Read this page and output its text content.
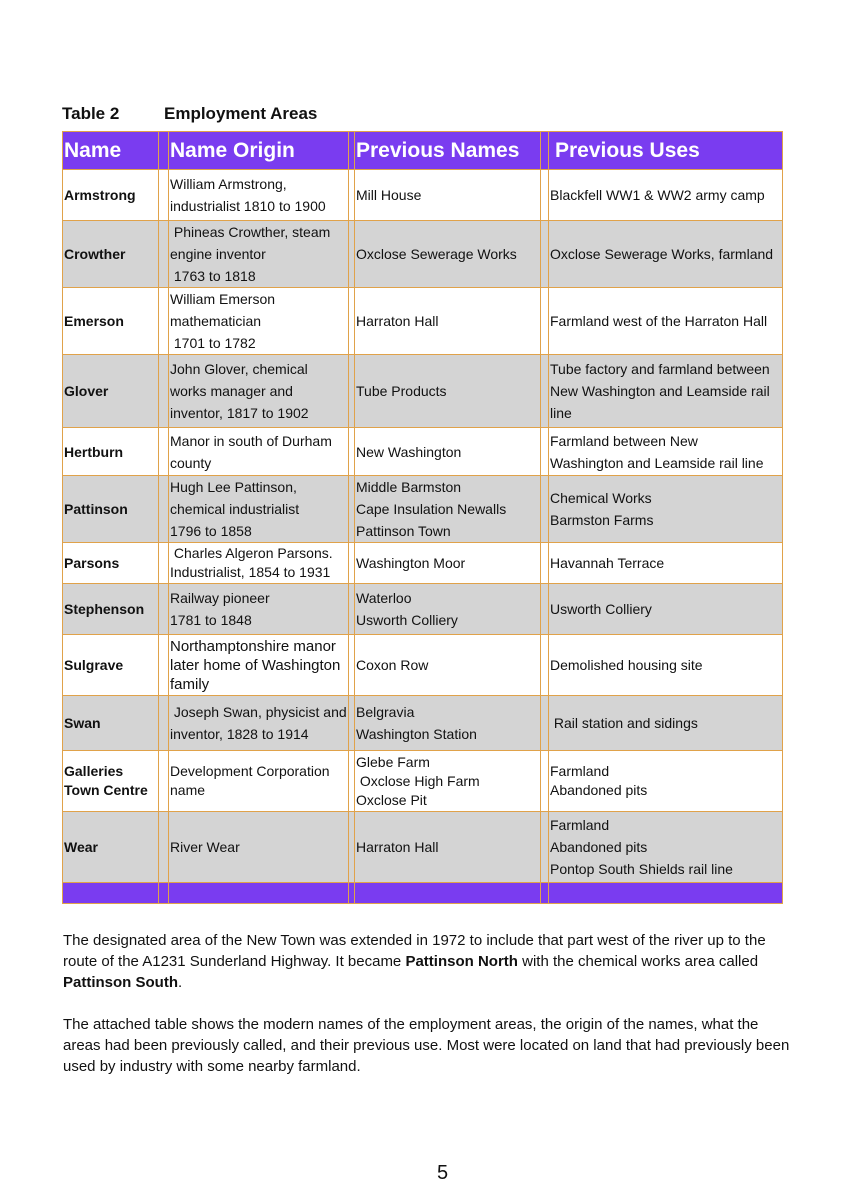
Table 2	Employment Areas
Name		Name Origin		Previous Names		Previous Uses
Armstrong		William Armstrong,
industrialist 1810 to 1900		Mill House		Blackfell WW1 & WW2 army camp

Crowther		Phineas Crowther, steam
engine inventor
1763 to 1818		Oxclose Sewerage Works		Oxclose Sewerage Works, farmland

Emerson		William Emerson
mathematician
1701 to 1782		Harraton Hall		Farmland west of the Harraton Hall

Glover		John Glover, chemical
works manager and
inventor, 1817 to 1902		Tube Products		Tube factory and farmland between
New Washington and Leamside rail
line

Hertburn		Manor in south of Durham
county		New Washington		Farmland between New
Washington and Leamside rail line

Pattinson		Hugh Lee Pattinson,
chemical industrialist
1796 to 1858		Middle Barmston
Cape Insulation Newalls
Pattinson Town		Chemical Works
Barmston Farms

Parsons		Charles Algeron Parsons.
Industrialist, 1854 to 1931		Washington Moor		Havannah Terrace

Stephenson		Railway pioneer
1781 to 1848		Waterloo
Usworth Colliery		Usworth Colliery

Sulgrave		Northamptonshire manor
later home of Washington
family		Coxon Row		Demolished housing site

Swan		Joseph Swan, physicist and
inventor, 1828 to 1914		Belgravia
Washington Station		Rail station and sidings

Galleries Town Centre		Development Corporation
name		Glebe Farm
Oxclose High Farm
Oxclose Pit		Farmland
Abandoned pits

Wear		River Wear		Harraton Hall		Farmland
Abandoned pits
Pontop South Shields rail line

The designated area of the New Town was extended in 1972 to include that part west of the river up to the route of the A1231 Sunderland Highway. It became Pattinson North with the chemical works area called Pattinson South.

The attached table shows the modern names of the employment areas, the origin of the names, what the areas had been previously called, and their previous use. Most were located on land that had previously been used by industry with some nearby farmland.

5
